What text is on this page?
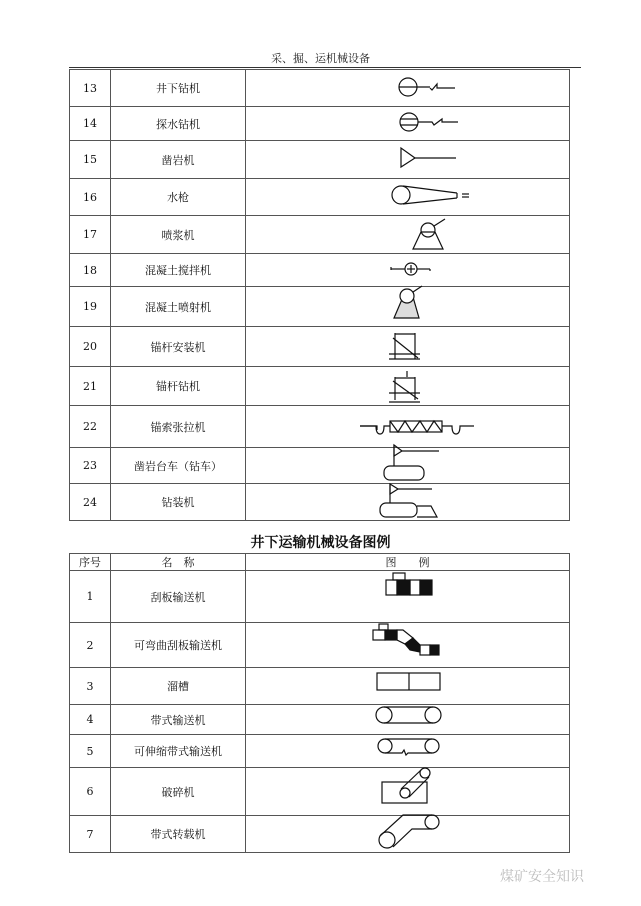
采、掘、运机械设备
13	井下钻机	
14	探水钻机	
15	凿岩机	
16	水枪	
17	喷浆机	
18	混凝土搅拌机	
19	混凝土喷射机	
20	锚杆安装机	
21	锚杆钻机	
22	锚索张拉机	
23	凿岩台车（钻车）	
24	钻装机	
井下运输机械设备图例
序号	名　称	图　　例
1	刮板输送机	
2	可弯曲刮板输送机	
3	溜槽	
4	带式输送机	
5	可伸缩带式输送机	
6	破碎机	
7	带式转载机	
煤矿安全知识
